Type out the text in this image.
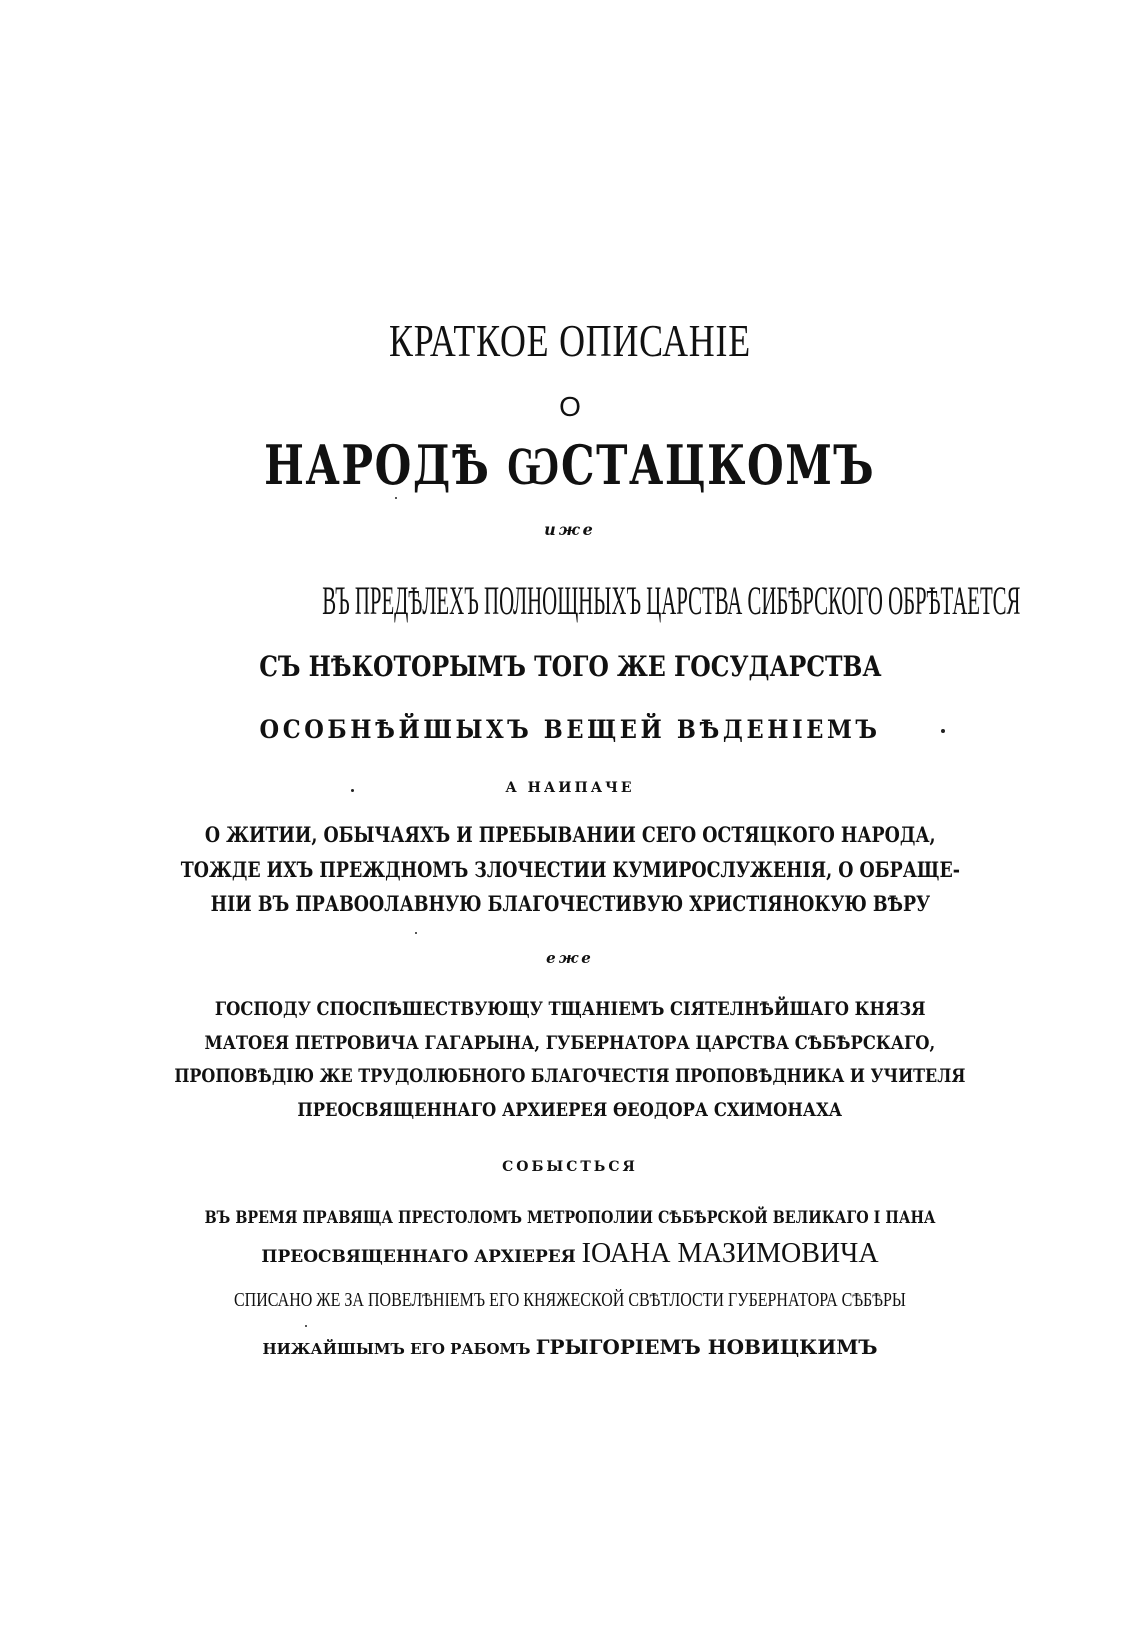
КРАТКОЕ ОПИСАНІЕ
О
НАРОДѢ ѠСТАЦКОМЪ
иже
ВЪ ПРЕДѢЛЕХЪ ПОЛНОЩНЫХЪ ЦАРСТВА СИБѢРСКОГО ОБРѢТАЕТСЯ
СЪ НѢКОТОРЫМЪ ТОГО ЖЕ ГОСУДАРСТВА
ОСОБНѢЙШЫХЪ ВЕЩЕЙ ВѢДЕНІЕМЪ
А НАИПАЧЕ
О ЖИТИИ, ОБЫЧАЯХЪ И ПРЕБЫВАНИИ СЕГО ОСТЯЦКОГО НАРОДА,
ТОЖДЕ ИХЪ ПРЕЖДНОМЪ ЗЛОЧЕСТИИ КУМИРОСЛУЖЕНІЯ, О ОБРАЩЕ-
НІИ ВЪ ПРАВООЛАВНУЮ БЛАГОЧЕСТИВУЮ ХРИСТІЯНОКУЮ ВѢРУ
еже
ГОСПОДУ СПОСПѢШЕСТВУЮЩУ ТЩАНІЕМЪ СІЯТЕЛНѢЙШАГО КНЯЗЯ
МАТОЕЯ ПЕТРОВИЧА ГАГАРЫНА, ГУБЕРНАТОРА ЦАРСТВА СѢБѢРСКАГО,
ПРОПОВѢДІЮ ЖЕ ТРУДОЛЮБНОГО БЛАГОЧЕСТІЯ ПРОПОВѢДНИКА И УЧИТЕЛЯ
ПРЕОСВЯЩЕННАГО АРХИЕРЕЯ ѲЕОДОРА СХИМОНАХА
СОБЫСТЬСЯ
ВЪ ВРЕМЯ ПРАВЯЩА ПРЕСТОЛОМЪ МЕТРОПОЛИИ СѢБѢРСКОЙ ВЕЛИКАГО І ПАНА
ПРЕОСВЯЩЕННАГО АРХІЕРЕЯ ІОАНА МАЗИМОВИЧА
СПИСАНО ЖЕ ЗА ПОВЕЛѢНІЕМЪ ЕГО КНЯЖЕСКОЙ СВѢТЛОСТИ ГУБЕРНАТОРА СѢБѢРЫ
НИЖАЙШЫМЪ ЕГО РАБОМЪ ГРЫГОРІЕМЪ НОВИЦКИМЪ
